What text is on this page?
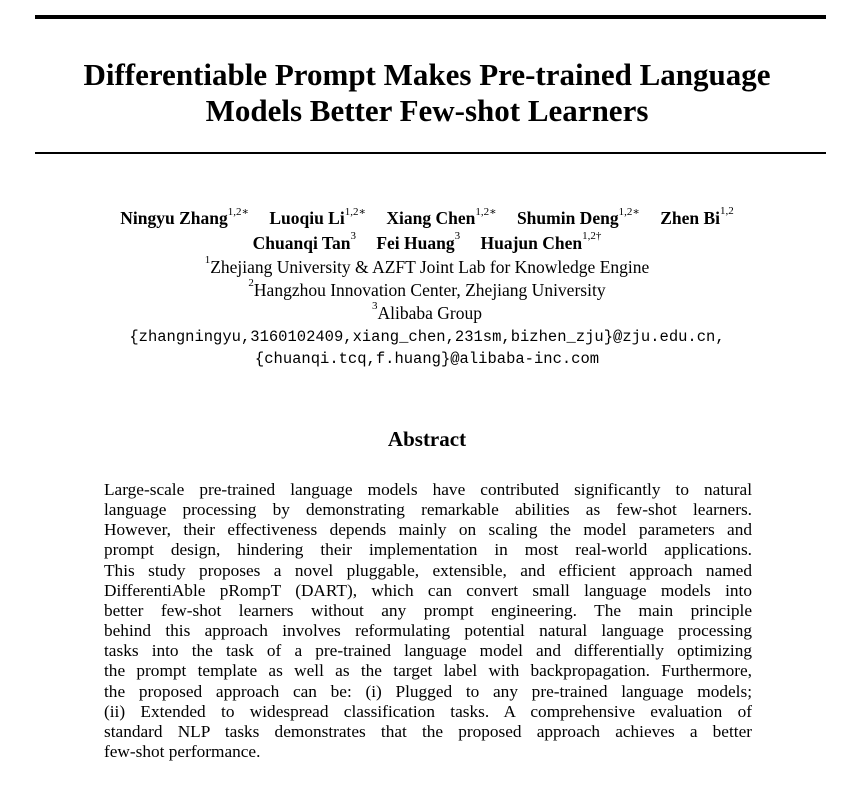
Differentiable Prompt Makes Pre-trained Language
Models Better Few-shot Learners
Ningyu Zhang$^{1,2∗}$ Luoqiu $Li^{1,2∗}$ Xiang Chen$^{1,2∗}$ Shumin Deng$^{1,2∗}$ Zhen Bi$^{1,2}$
Chuanqi Tan$^3$ Fei Huang$^3$ Huajun Chen$^{1,2\dagger}$
$^1$Zhejiang University & AZFT Joint Lab for Knowledge Engine
$^2$Hangzhou Innovation Center, Zhejiang University
$^3$Alibaba Group
{zhangningyu,3160102409,xiang_chen,231sm,bizhen_zju}@zju.edu.cn,
{chuanqi.tcq,f.huang}@alibaba-inc.com
Abstract
Large-scale pre-trained language models have contributed significantly to natural
language processing by demonstrating remarkable abilities as few-shot learners.
However, their effectiveness depends mainly on scaling the model parameters and
prompt design, hindering their implementation in most real-world applications.
This study proposes a novel pluggable, extensible, and efficient approach named
DifferentiAble pRompT (DART), which can convert small language models into
better few-shot learners without any prompt engineering. The main principle
behind this approach involves reformulating potential natural language processing
tasks into the task of a pre-trained language model and differentially optimizing
the prompt template as well as the target label with backpropagation. Furthermore,
the proposed approach can be: (i) Plugged to any pre-trained language models;
(ii) Extended to widespread classification tasks. A comprehensive evaluation of
standard NLP tasks demonstrates that the proposed approach achieves a better
few-shot performance.
